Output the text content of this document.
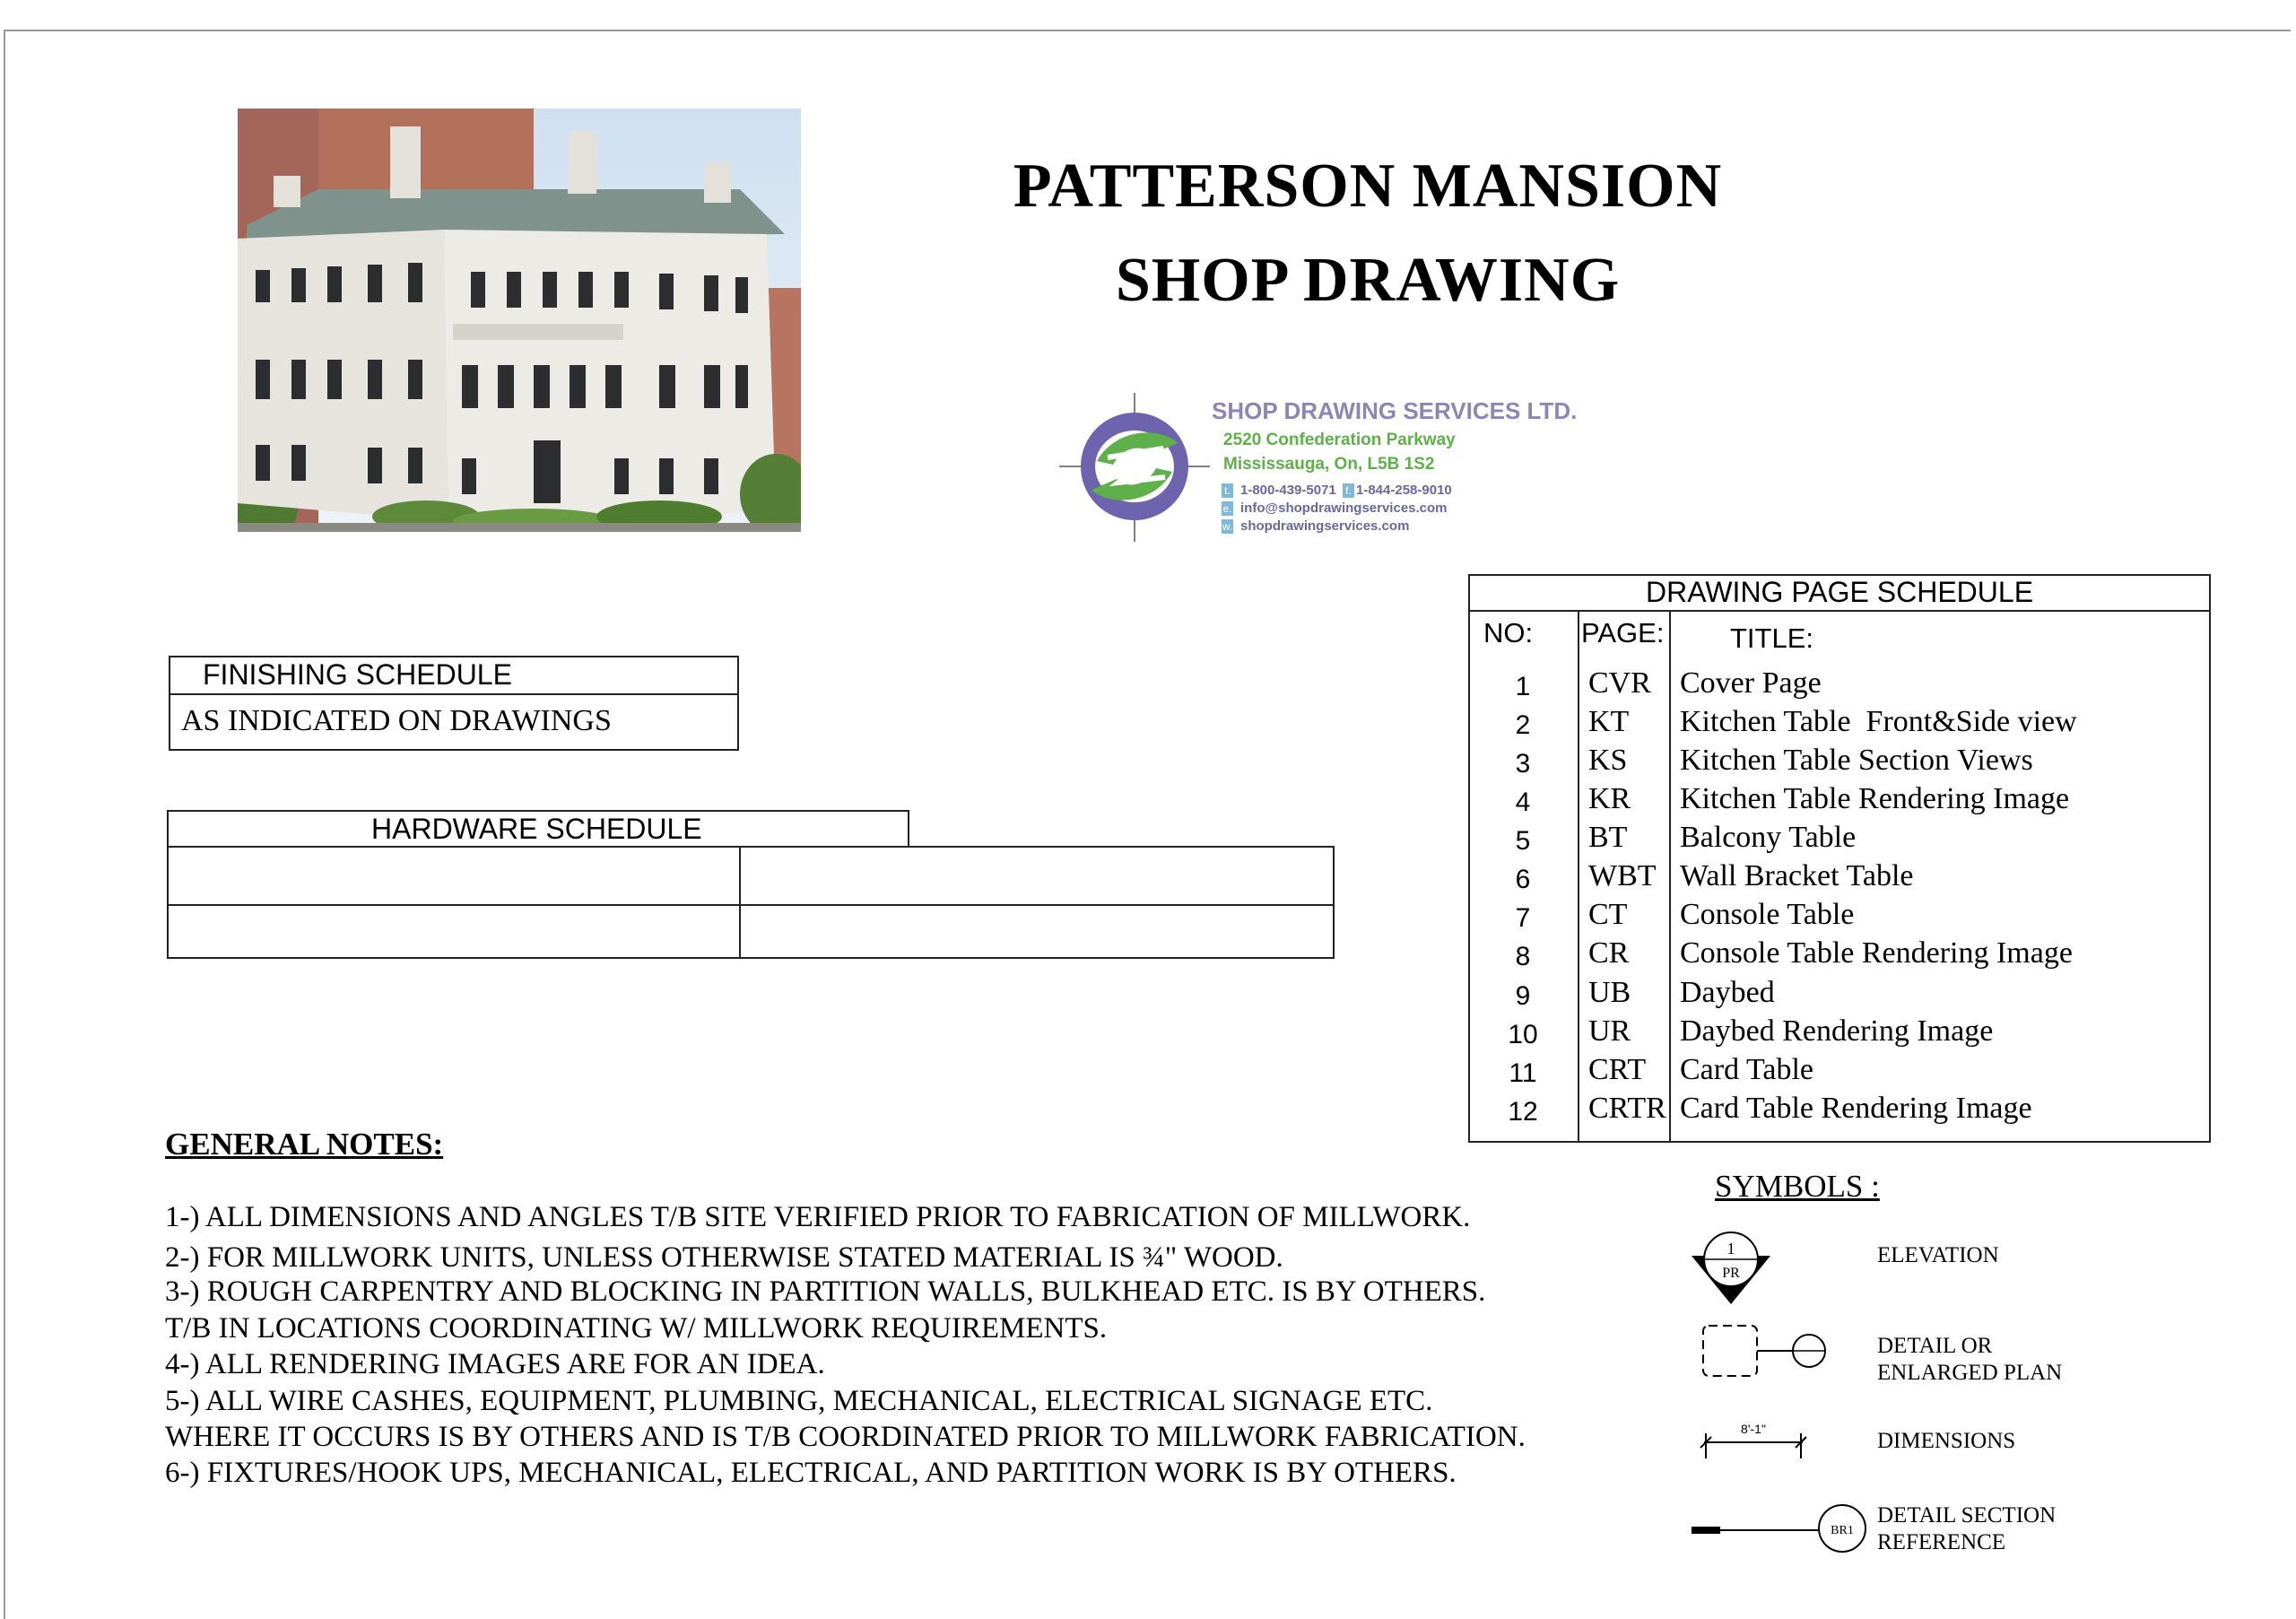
PATTERSON MANSION
SHOP DRAWING
SHOP DRAWING SERVICES LTD.
2520 Confederation Parkway
Mississauga, On, L5B 1S2
t. 1-800-439-5071 f. 1-844-258-9010
e. info@shopdrawingservices.com
w. shopdrawingservices.com
FINISHING SCHEDULE
AS INDICATED ON DRAWINGS
HARDWARE SCHEDULE
DRAWING PAGE SCHEDULE
NO: PAGE: TITLE:
1	CVR Cover Page
2	KT Kitchen Table  Front&Side view
3	KS Kitchen Table Section Views
4	KR Kitchen Table Rendering Image
5	BT Balcony Table
6	WBT Wall Bracket Table
7	CT Console Table
8	CR Console Table Rendering Image
9	UB Daybed
10	UR Daybed Rendering Image
11	CRT Card Table
12	CRTR Card Table Rendering Image
GENERAL NOTES:
1-) ALL DIMENSIONS AND ANGLES T/B SITE VERIFIED PRIOR TO FABRICATION OF MILLWORK.
2-) FOR MILLWORK UNITS, UNLESS OTHERWISE STATED MATERIAL IS ¾" WOOD.
3-) ROUGH CARPENTRY AND BLOCKING IN PARTITION WALLS, BULKHEAD ETC. IS BY OTHERS.
T/B IN LOCATIONS COORDINATING W/ MILLWORK REQUIREMENTS.
4-) ALL RENDERING IMAGES ARE FOR AN IDEA.
5-) ALL WIRE CASHES, EQUIPMENT, PLUMBING, MECHANICAL, ELECTRICAL SIGNAGE ETC.
WHERE IT OCCURS IS BY OTHERS AND IS T/B COORDINATED PRIOR TO MILLWORK FABRICATION.
6-) FIXTURES/HOOK UPS, MECHANICAL, ELECTRICAL, AND PARTITION WORK IS BY OTHERS.
SYMBOLS :
1
PR
ELEVATION
DETAIL OR
ENLARGED PLAN
8'-1"	DIMENSIONS
BR1
DETAIL SECTION
REFERENCE
